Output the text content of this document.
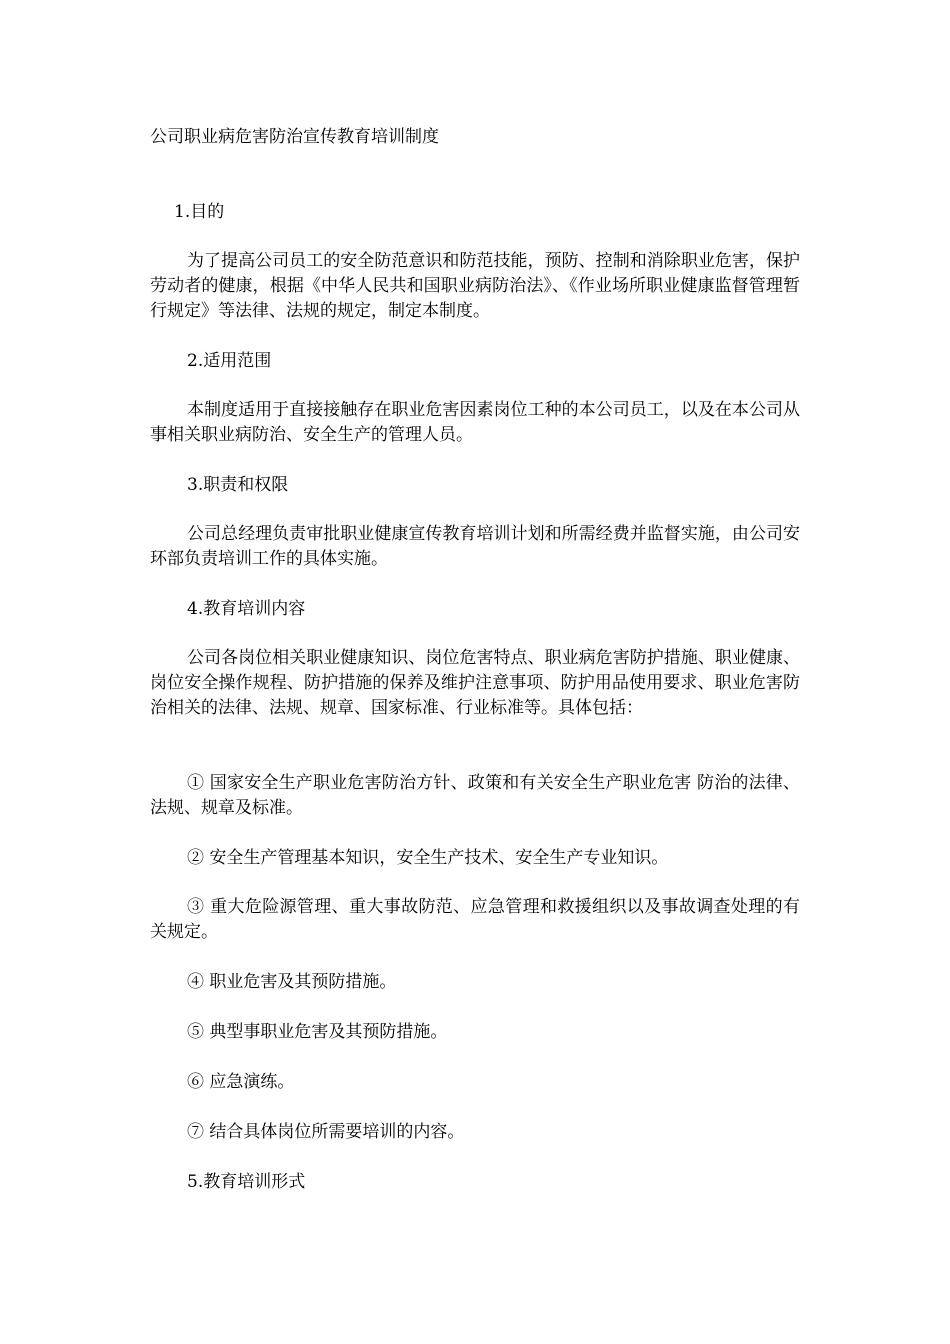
公司职业病危害防治宣传教育培训制度
1.目的
为了提高公司员工的安全防范意识和防范技能，预防、控制和消除职业危害，保护劳动者的健康，根据《中华人民共和国职业病防治法》、《作业场所职业健康监督管理暂行规定》等法律、法规的规定，制定本制度。
2.适用范围
本制度适用于直接接触存在职业危害因素岗位工种的本公司员工，以及在本公司从事相关职业病防治、安全生产的管理人员。
3.职责和权限
公司总经理负责审批职业健康宣传教育培训计划和所需经费并监督实施，由公司安环部负责培训工作的具体实施。
4.教育培训内容
公司各岗位相关职业健康知识、岗位危害特点、职业病危害防护措施、职业健康、岗位安全操作规程、防护措施的保养及维护注意事项、防护用品使用要求、职业危害防治相关的法律、法规、规章、国家标准、行业标准等。具体包括：
① 国家安全生产职业危害防治方针、政策和有关安全生产职业危害 防治的法律、法规、规章及标准。
② 安全生产管理基本知识，安全生产技术、安全生产专业知识。
③ 重大危险源管理、重大事故防范、应急管理和救援组织以及事故调查处理的有关规定。
④ 职业危害及其预防措施。
⑤ 典型事职业危害及其预防措施。
⑥ 应急演练。
⑦ 结合具体岗位所需要培训的内容。
5.教育培训形式
